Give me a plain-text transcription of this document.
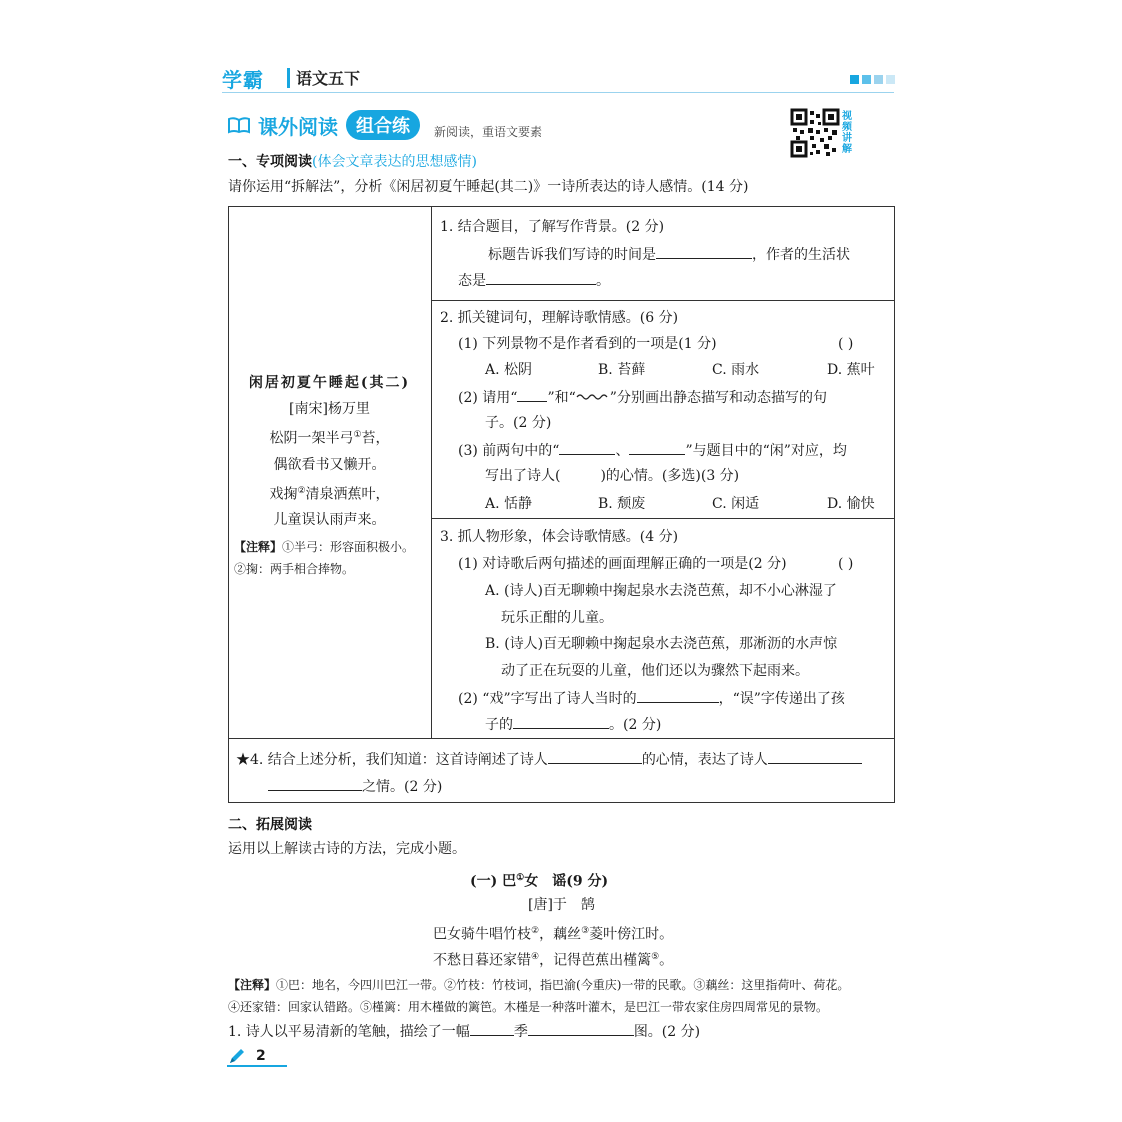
学霸 语文五下
课外阅读	组合练	新阅读，重语文要素
视频讲解
一、专项阅读(体会文章表达的思想感情)
请你运用“拆解法”，分析《闲居初夏午睡起(其二)》一诗所表达的诗人感情。(14 分)
闲居初夏午睡起(其二)
[南宋]杨万里
松阴一架半弓①苔，
偶欲看书又懒开。
戏掬②清泉洒蕉叶，
儿童误认雨声来。
【注释】①半弓：形容面积极小。
②掬：两手相合捧物。
1. 结合题目，了解写作背景。(2 分)
标题告诉我们写诗的时间是	，作者的生活状
态是	。
2. 抓关键词句，理解诗歌情感。(6 分)
(1) 下列景物不是作者看到的一项是(1 分)	( )
A. 松阴	B. 苔藓	C. 雨水	D. 蕉叶
(2) 请用“ ”和“ ”分别画出静态描写和动态描写的句
子。(2 分)
(3) 前两句中的“	、	”与题目中的“闲”对应，均
写出了诗人(	)的心情。(多选)(3 分)
A. 恬静	B. 颓废	C. 闲适	D. 愉快
3. 抓人物形象，体会诗歌情感。(4 分)
(1) 对诗歌后两句描述的画面理解正确的一项是(2 分)	( )
A. (诗人)百无聊赖中掬起泉水去浇芭蕉，却不小心淋湿了
玩乐正酣的儿童。
B. (诗人)百无聊赖中掬起泉水去浇芭蕉，那淅沥的水声惊
动了正在玩耍的儿童，他们还以为骤然下起雨来。
(2) “戏”字写出了诗人当时的	，“误”字传递出了孩
子的	。(2 分)
★4. 结合上述分析，我们知道：这首诗阐述了诗人	的心情，表达了诗人
之情。(2 分)
二、拓展阅读
运用以上解读古诗的方法，完成小题。
(一) 巴①女　谣(9 分)
[唐]于　鹄
巴女骑牛唱竹枝②，藕丝③菱叶傍江时。
不愁日暮还家错④，记得芭蕉出槿篱⑤。
【注释】①巴：地名，今四川巴江一带。②竹枝：竹枝词，指巴渝(今重庆)一带的民歌。③藕丝：这里指荷叶、荷花。
④还家错：回家认错路。⑤槿篱：用木槿做的篱笆。木槿是一种落叶灌木，是巴江一带农家住房四周常见的景物。
1. 诗人以平易清新的笔触，描绘了一幅	季	图。(2 分)
2
